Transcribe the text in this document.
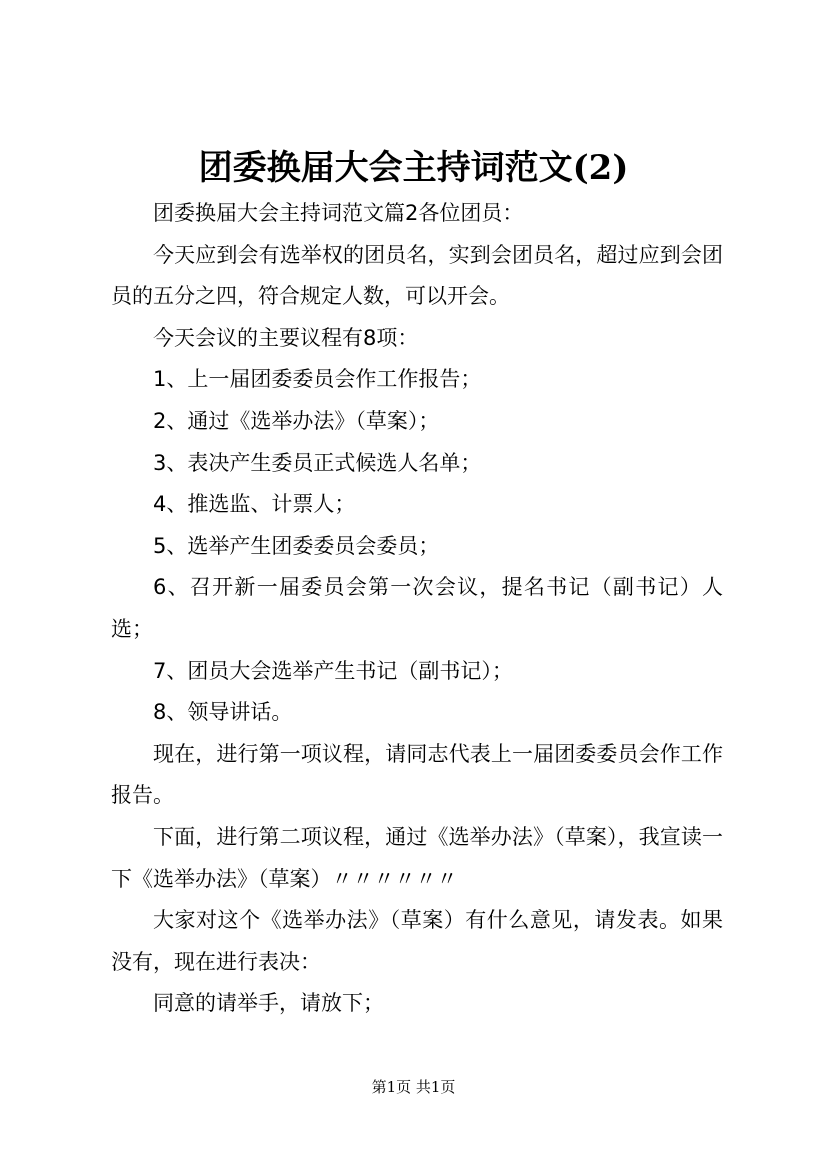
团委换届大会主持词范文(2)

团委换届大会主持词范文篇2各位团员：

今天应到会有选举权的团员名，实到会团员名，超过应到会团员的五分之四，符合规定人数，可以开会。

今天会议的主要议程有8项：

1、上一届团委委员会作工作报告；

2、通过《选举办法》（草案）；

3、表决产生委员正式候选人名单；

4、推选监、计票人；

5、选举产生团委委员会委员；

6、召开新一届委员会第一次会议，提名书记（副书记）人选；

7、团员大会选举产生书记（副书记）；

8、领导讲话。

现在，进行第一项议程，请同志代表上一届团委委员会作工作报告。

下面，进行第二项议程，通过《选举办法》（草案），我宣读一下《选举办法》（草案）〃〃〃〃〃〃

大家对这个《选举办法》（草案）有什么意见，请发表。如果没有，现在进行表决：

同意的请举手，请放下；

第1页 共1页
